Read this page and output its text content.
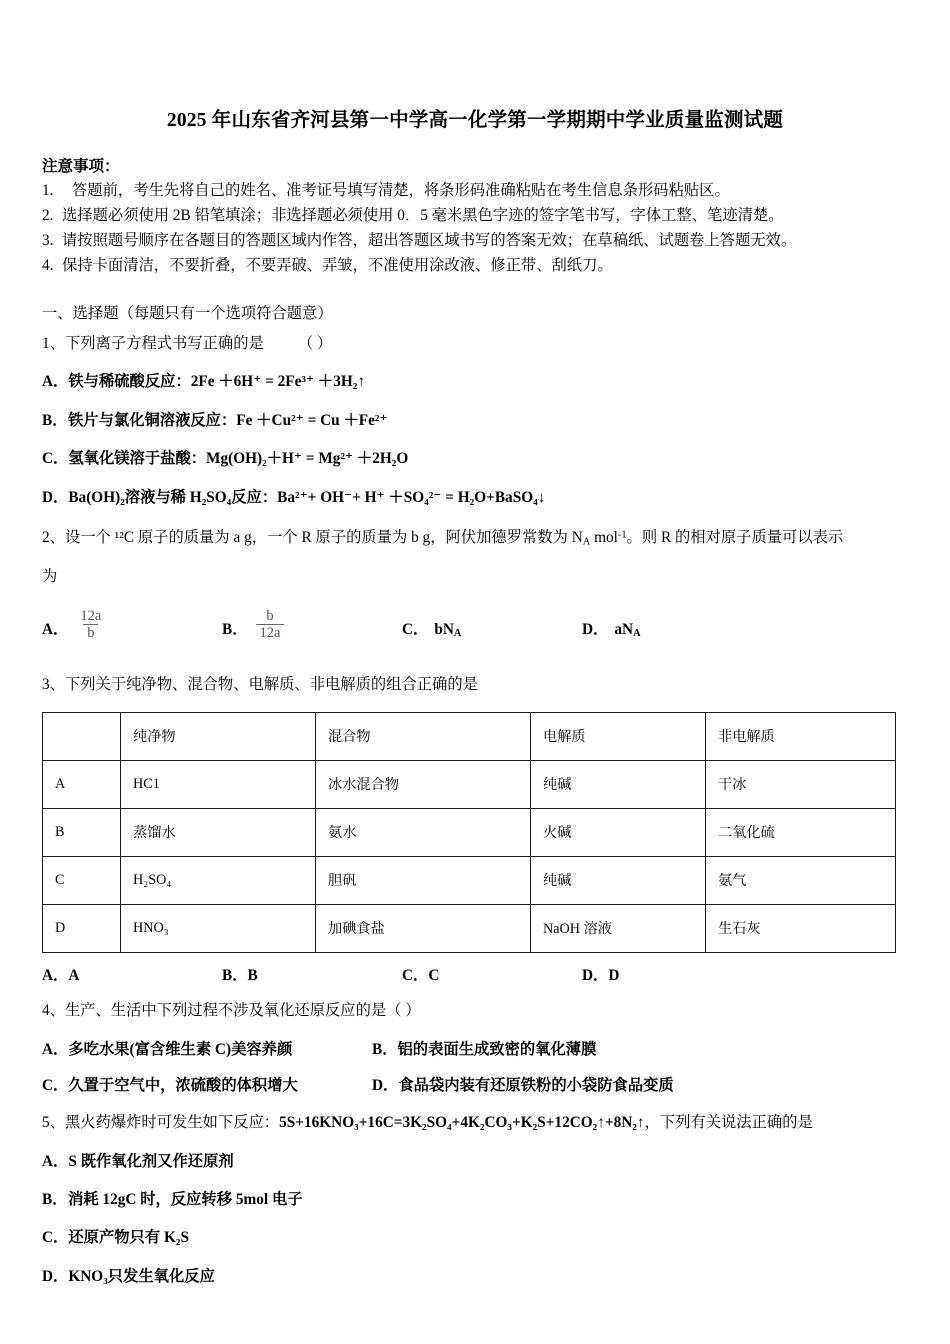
2025 年山东省齐河县第一中学高一化学第一学期期中学业质量监测试题
注意事项：
1. 答题前，考生先将自己的姓名、准考证号填写清楚，将条形码准确粘贴在考生信息条形码粘贴区。
2. 选择题必须使用 2B 铅笔填涂；非选择题必须使用 0．5 毫米黑色字迹的签字笔书写，字体工整、笔迹清楚。
3. 请按照题号顺序在各题目的答题区域内作答，超出答题区域书写的答案无效；在草稿纸、试题卷上答题无效。
4. 保持卡面清洁，不要折叠，不要弄破、弄皱，不准使用涂改液、修正带、刮纸刀。
一、选择题（每题只有一个选项符合题意）
1、下列离子方程式书写正确的是 （ ）
A．铁与稀硫酸反应：2Fe ＋6H⁺ = 2Fe³⁺ ＋3H₂↑
B．铁片与氯化铜溶液反应：Fe ＋Cu²⁺ = Cu ＋Fe²⁺
C．氢氧化镁溶于盐酸：Mg(OH)₂＋H⁺ = Mg²⁺ ＋2H₂O
D．Ba(OH)₂溶液与稀 H₂SO₄反应：Ba²⁺+ OH⁻+ H⁺ ＋SO₄²⁻ = H₂O+BaSO₄↓
2、设一个 ¹²C 原子的质量为 a g，一个 R 原子的质量为 b g，阿伏加德罗常数为 $N_A$ mol$^{-1}$。则 R 的相对原子质量可以表示
为
A． $\frac{12a}{b}$	B． $\frac{b}{12a}$	C． $bN_A$	D． $aN_A$
3、下列关于纯净物、混合物、电解质、非电解质的组合正确的是
	纯净物	混合物	电解质	非电解质
A	HC1	冰水混合物	纯碱	干冰
B	蒸馏水	氨水	火碱	二氧化硫
C	H₂SO₄	胆矾	纯碱	氨气
D	HNO₃	加碘食盐	NaOH 溶液	生石灰
A．A	B．B	C．C	D．D
4、生产、生活中下列过程不涉及氧化还原反应的是（ ）
A．多吃水果(富含维生素 C)美容养颜	B．铝的表面生成致密的氧化薄膜
C．久置于空气中，浓硫酸的体积增大	D．食品袋内装有还原铁粉的小袋防食品变质
5、黑火药爆炸时可发生如下反应：5S+16KNO₃+16C=3K₂SO₄+4K₂CO₃+K₂S+12CO₂↑+8N₂↑，下列有关说法正确的是
A．S 既作氧化剂又作还原剂
B．消耗 12gC 时，反应转移 5mol 电子
C．还原产物只有 K₂S
D．KNO₃只发生氧化反应
